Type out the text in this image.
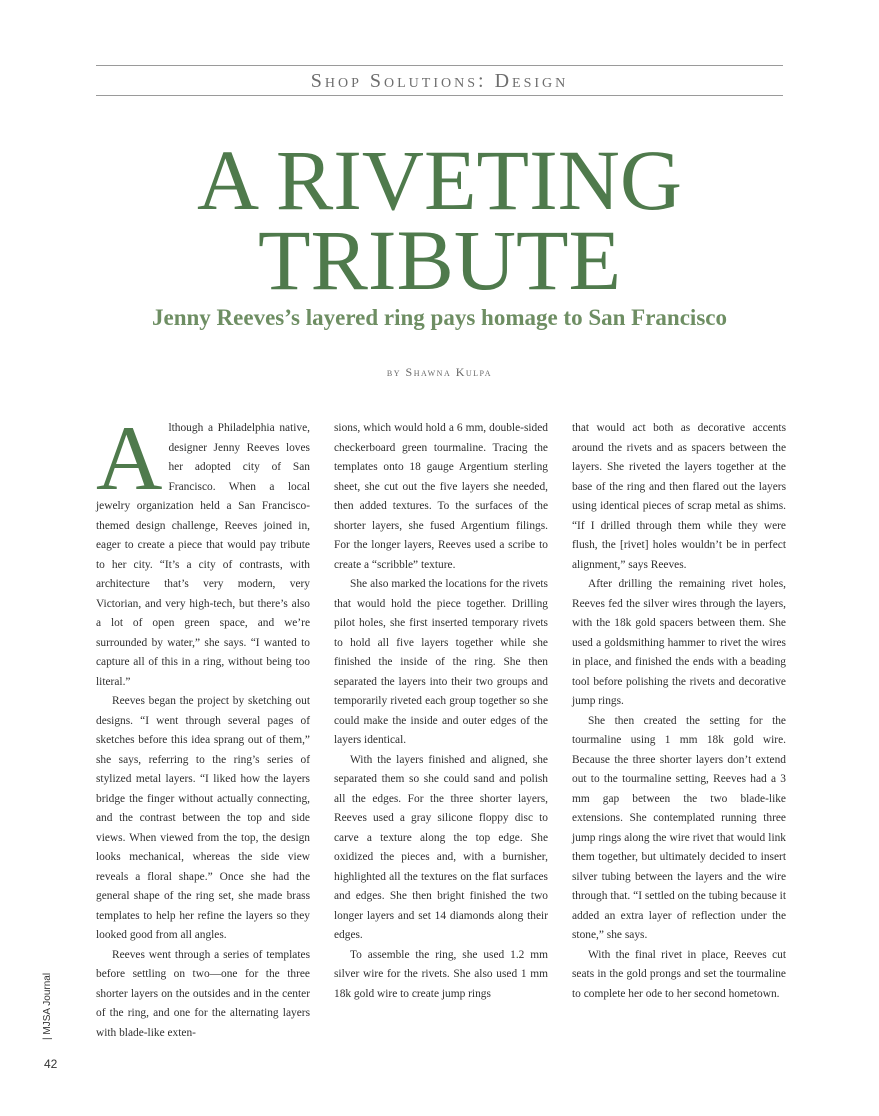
Shop Solutions: Design
A RIVETING
TRIBUTE
Jenny Reeves’s layered ring pays homage to San Francisco
by Shawna Kulpa

Although a Philadelphia native, designer Jenny Reeves loves her adopted city of San Francisco. When a local jewelry organization held a San Francisco-themed design challenge, Reeves joined in, eager to create a piece that would pay tribute to her city. “It’s a city of contrasts, with architecture that’s very modern, very Victorian, and very high-tech, but there’s also a lot of open green space, and we’re surrounded by water,” she says. “I wanted to capture all of this in a ring, without being too literal.”

Reeves began the project by sketching out designs. “I went through several pages of sketches before this idea sprang out of them,” she says, referring to the ring’s series of stylized metal layers. “I liked how the layers bridge the finger without actually connecting, and the contrast between the top and side views. When viewed from the top, the design looks mechanical, whereas the side view reveals a floral shape.” Once she had the general shape of the ring set, she made brass templates to help her refine the layers so they looked good from all angles.

Reeves went through a series of templates before settling on two—one for the three shorter layers on the outsides and in the center of the ring, and one for the alternating layers with blade-like exten-

sions, which would hold a 6 mm, double-sided checkerboard green tourmaline. Tracing the templates onto 18 gauge Argentium sterling sheet, she cut out the five layers she needed, then added textures. To the surfaces of the shorter layers, she fused Argentium filings. For the longer layers, Reeves used a scribe to create a “scribble” texture.

She also marked the locations for the rivets that would hold the piece together. Drilling pilot holes, she first inserted temporary rivets to hold all five layers together while she finished the inside of the ring. She then separated the layers into their two groups and temporarily riveted each group together so she could make the inside and outer edges of the layers identical.

With the layers finished and aligned, she separated them so she could sand and polish all the edges. For the three shorter layers, Reeves used a gray silicone floppy disc to carve a texture along the top edge. She oxidized the pieces and, with a burnisher, highlighted all the textures on the flat surfaces and edges. She then bright finished the two longer layers and set 14 diamonds along their edges.

To assemble the ring, she used 1.2 mm silver wire for the rivets. She also used 1 mm 18k gold wire to create jump rings

that would act both as decorative accents around the rivets and as spacers between the layers. She riveted the layers together at the base of the ring and then flared out the layers using identical pieces of scrap metal as shims. “If I drilled through them while they were flush, the [rivet] holes wouldn’t be in perfect alignment,” says Reeves.

After drilling the remaining rivet holes, Reeves fed the silver wires through the layers, with the 18k gold spacers between them. She used a goldsmithing hammer to rivet the wires in place, and finished the ends with a beading tool before polishing the rivets and decorative jump rings.

She then created the setting for the tourmaline using 1 mm 18k gold wire. Because the three shorter layers don’t extend out to the tourmaline setting, Reeves had a 3 mm gap between the two blade-like extensions. She contemplated running three jump rings along the wire rivet that would link them together, but ultimately decided to insert silver tubing between the layers and the wire through that. “I settled on the tubing because it added an extra layer of reflection under the stone,” she says.

With the final rivet in place, Reeves cut seats in the gold prongs and set the tourmaline to complete her ode to her second hometown.

| MJSA Journal
42
